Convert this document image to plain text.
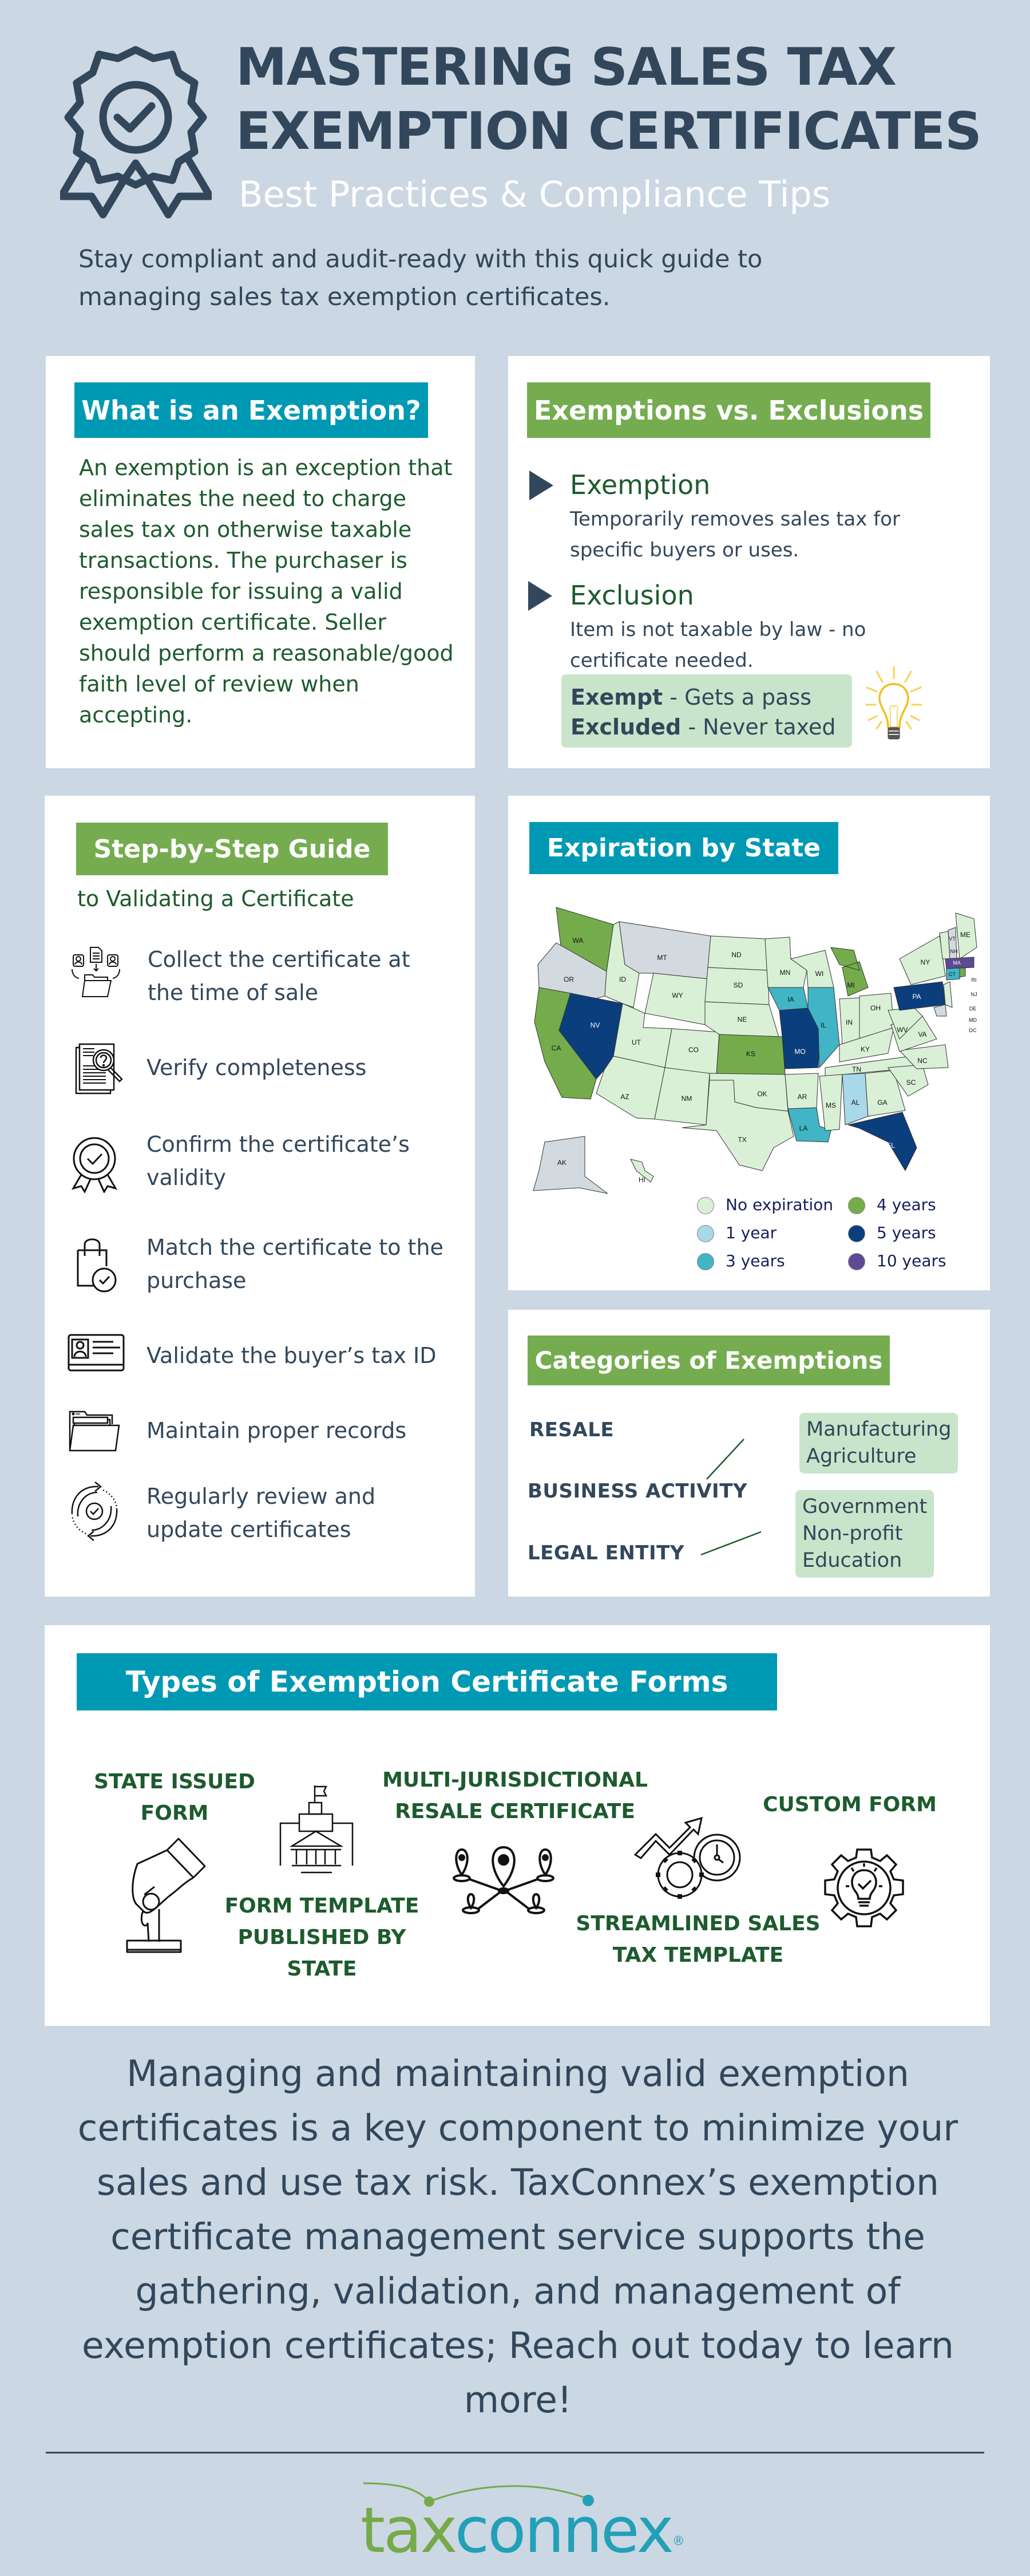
MASTERING SALES TAX
EXEMPTION CERTIFICATES
Best Practices & Compliance Tips
Stay compliant and audit-ready with this quick guide to
managing sales tax exemption certificates.
What is an Exemption?
An exemption is an exception that eliminates the need to charge sales tax on otherwise taxable transactions. The purchaser is responsible for issuing a valid exemption certificate. Seller should perform a reasonable/good faith level of review when accepting.
Exemptions vs. Exclusions
Exemption
Temporarily removes sales tax for specific buyers or uses.
Exclusion
Item is not taxable by law - no certificate needed.
Exempt - Gets a pass
Excluded - Never taxed
Step-by-Step Guide
to Validating a Certificate
Collect the certificate at the time of sale
Verify completeness
Confirm the certificate’s validity
Match the certificate to the purchase
Validate the buyer’s tax ID
Maintain proper records
Regularly review and update certificates
Expiration by State
WA
OR
CA
NV
ID
MT
WY
UT
CO
AZ	NM
ND
SD
NE
KS
OK
TX
MN
IA
MO
AR
LA
WI
IL
MI
IN
OH
KY
TN
MS AL	GA
FL
SC
NC
VA
WV
PA
NY
VT
NH
ME
MA
CT
RI
NJ
DE
MD
DC
AK
HI
No expiration
1 year
3 years
4 years
5 years
10 years
Categories of Exemptions
RESALE
BUSINESS ACTIVITY
LEGAL ENTITY
Manufacturing
Agriculture
Government
Non-profit
Education
Types of Exemption Certificate Forms
STATE ISSUED FORM
FORM TEMPLATE PUBLISHED BY STATE
MULTI-JURISDICTIONAL RESALE CERTIFICATE
STREAMLINED SALES TAX TEMPLATE
CUSTOM FORM
Managing and maintaining valid exemption certificates is a key component to minimize your sales and use tax risk. TaxConnex’s exemption certificate management service supports the gathering, validation, and management of exemption certificates; Reach out today to learn more!
taxconnex®
